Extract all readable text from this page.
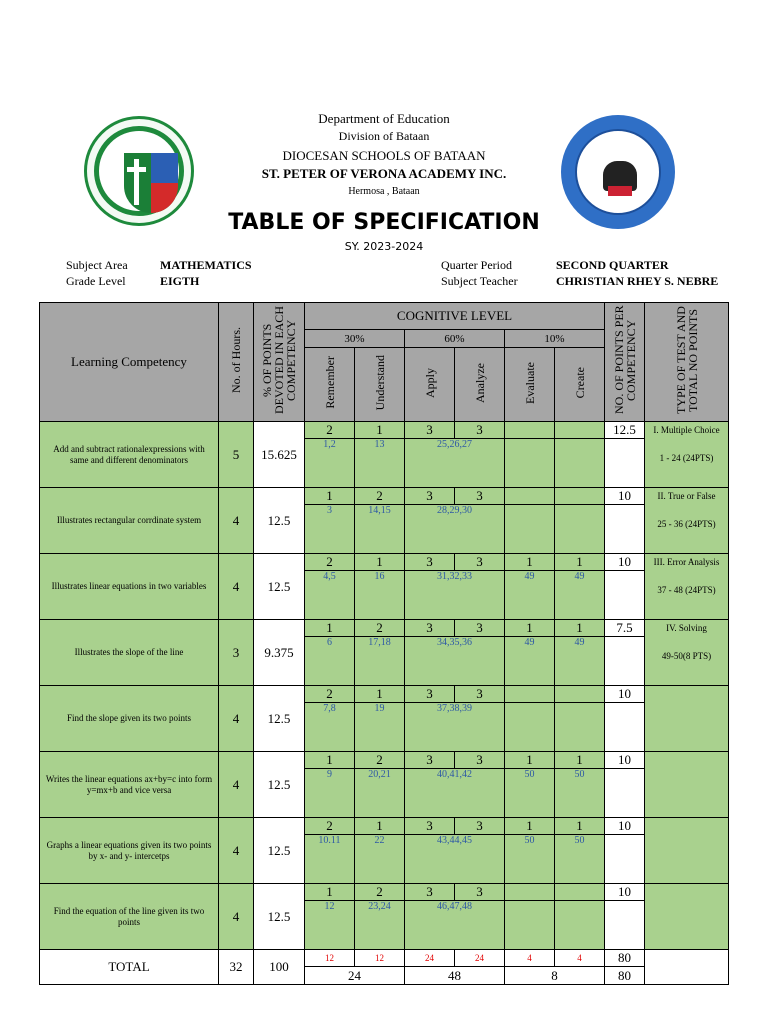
Department of Education
Division of Bataan
DIOCESAN SCHOOLS OF BATAAN
ST. PETER OF VERONA ACADEMY INC.
Hermosa , Bataan
TABLE OF SPECIFICATION
SY. 2023-2024
Subject Area	MATHEMATICS
Grade Level	EIGTH
Quarter Period	SECOND QUARTER
Subject Teacher	CHRISTIAN RHEY S. NEBRE
Learning Competency	No. of Hours.	% OF POINTS DEVOTED IN EACH COMPETENCY	COGNITIVE LEVEL						NO. OF POINTS PER COMPETENCY	TYPE OF TEST AND TOTAL NO POINTS
			30%		60%		10%			
			Remember	Understand	Apply	Analyze	Evaluate	Create		
Add and subtract rationalexpressions with same and different denominators	5	15.625	2	1	3	3			12.5	I. Multiple Choice
1 - 24 (24PTS)

			1,2	13	25,26,27					
Illustrates rectangular corrdinate system	4	12.5	1	2	3	3			10	II. True or False
25 - 36 (24PTS)

			3	14,15	28,29,30					
Illustrates linear equations in two variables	4	12.5	2	1	3	3	1	1	10	III. Error Analysis
37 - 48 (24PTS)

			4,5	16	31,32,33		49	49		
Illustrates the slope of the line	3	9.375	1	2	3	3	1	1	7.5	IV. Solving
49-50(8 PTS)

			6	17,18	34,35,36		49	49		
Find the slope given its two points	4	12.5	2	1	3	3			10	

			7,8	19	37,38,39					
Writes the linear equations ax+by=c into form y=mx+b and vice versa	4	12.5	1	2	3	3	1	1	10	

			9	20,21	40,41,42		50	50		
Graphs a linear equations given its two points by x- and y- intercetps	4	12.5	2	1	3	3	1	1	10	

			10.11	22	43,44,45		50	50		
Find the equation of the line given its two points	4	12.5	1	2	3	3			10	

			12	23,24	46,47,48					
TOTAL	32	100	12	12	24	24	4	4	80	
			24		48		8		80	
